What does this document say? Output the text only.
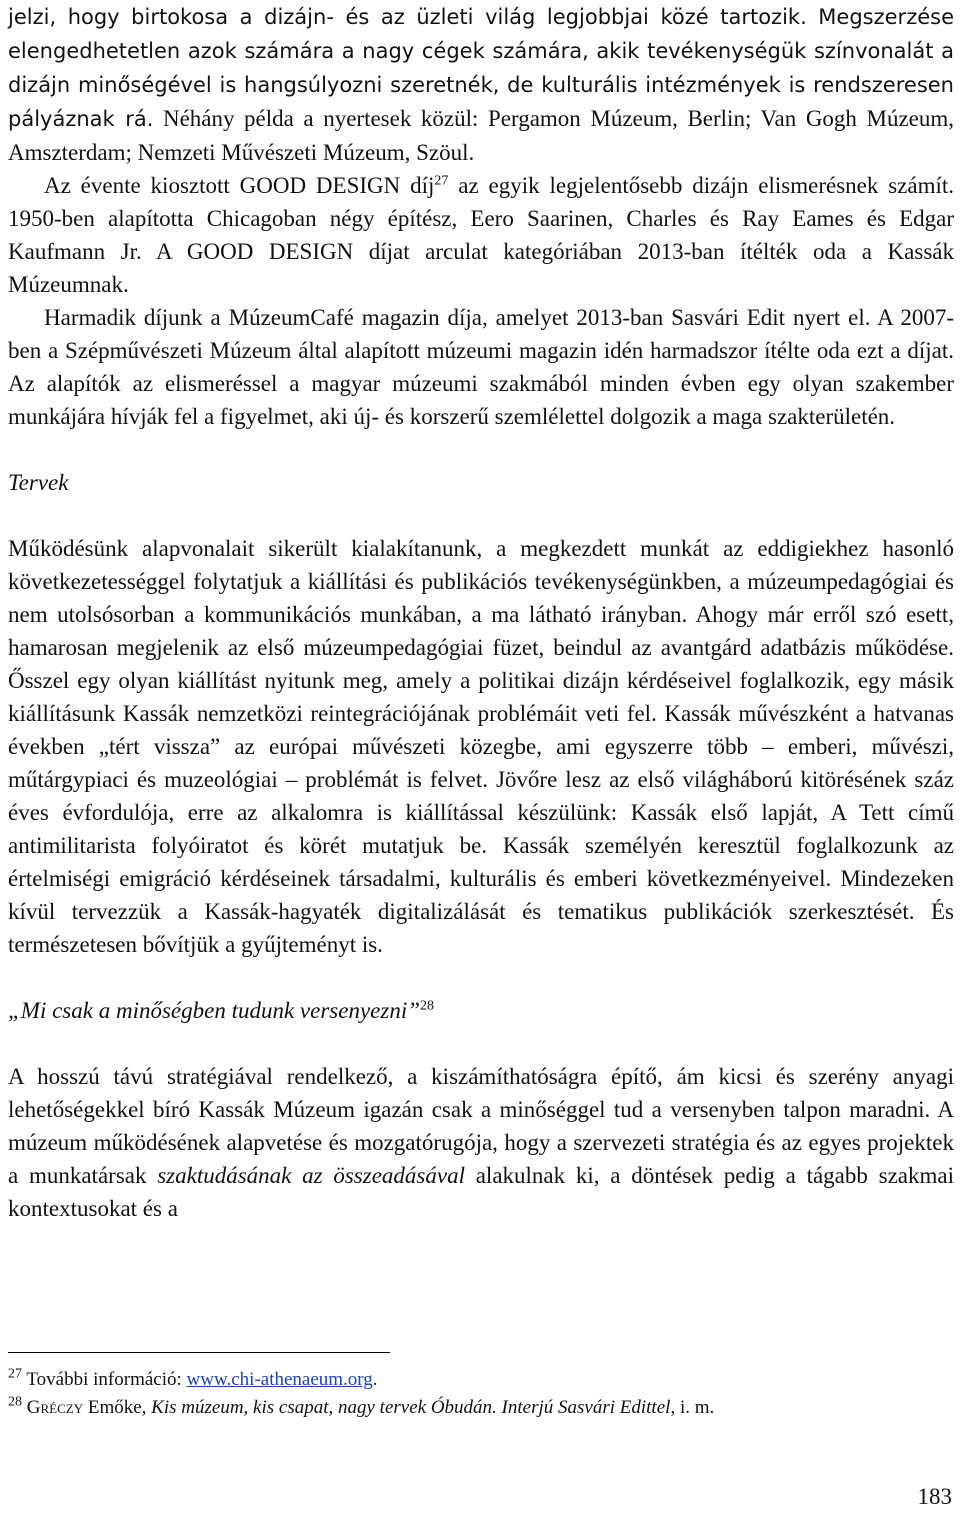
jelzi, hogy birtokosa a dizájn- és az üzleti világ legjobbjai közé tartozik. Megszerzése elengedhetetlen azok számára a nagy cégek számára, akik tevékenységük színvonalát a dizájn minőségével is hangsúlyozni szeretnék, de kulturális intézmények is rendszeresen pályáznak rá. Néhány példa a nyertesek közül: Pergamon Múzeum, Berlin; Van Gogh Múzeum, Amszterdam; Nemzeti Művészeti Múzeum, Szöul.

Az évente kiosztott GOOD DESIGN díj$^{27}$ az egyik legjelentősebb dizájn elismerésnek számít. 1950-ben alapította Chicagoban négy építész, Eero Saarinen, Charles és Ray Eames és Edgar Kaufmann Jr. A GOOD DESIGN díjat arculat kategóriában 2013-ban ítélték oda a Kassák Múzeumnak.

Harmadik díjunk a MúzeumCafé magazin díja, amelyet 2013-ban Sasvári Edit nyert el. A 2007-ben a Szépművészeti Múzeum által alapított múzeumi magazin idén harmadszor ítélte oda ezt a díjat. Az alapítók az elismeréssel a magyar múzeumi szakmából minden évben egy olyan szakember munkájára hívják fel a figyelmet, aki új- és korszerű szemlélettel dolgozik a maga szakterületén.

Tervek

Működésünk alapvonalait sikerült kialakítanunk, a megkezdett munkát az eddigiekhez hasonló következetességgel folytatjuk a kiállítási és publikációs tevékenységünkben, a múzeumpedagógiai és nem utolsósorban a kommunikációs munkában, a ma látható irányban. Ahogy már erről szó esett, hamarosan megjelenik az első múzeumpedagógiai füzet, beindul az avantgárd adatbázis működése. Ősszel egy olyan kiállítást nyitunk meg, amely a politikai dizájn kérdéseivel foglalkozik, egy másik kiállításunk Kassák nemzetközi reintegrációjának problémáit veti fel. Kassák művészként a hatvanas években „tért vissza” az európai művészeti közegbe, ami egyszerre több – emberi, művészi, műtárgypiaci és muzeológiai – problémát is felvet. Jövőre lesz az első világháború kitörésének száz éves évfordulója, erre az alkalomra is kiállítással készülünk: Kassák első lapját, A Tett című antimilitarista folyóiratot és körét mutatjuk be. Kassák személyén keresztül foglalkozunk az értelmiségi emigráció kérdéseinek társadalmi, kulturális és emberi következményeivel. Mindezeken kívül tervezzük a Kassák-hagyaték digitalizálását és tematikus publikációk szerkesztését. És természetesen bővítjük a gyűjteményt is.

„Mi csak a minőségben tudunk versenyezni”$^{28}$

A hosszú távú stratégiával rendelkező, a kiszámíthatóságra építő, ám kicsi és szerény anyagi lehetőségekkel bíró Kassák Múzeum igazán csak a minőséggel tud a versenyben talpon maradni. A múzeum működésének alapvetése és mozgatórugója, hogy a szervezeti stratégia és az egyes projektek a munkatársak szaktudásának az összeadásával alakulnak ki, a döntések pedig a tágabb szakmai kontextusokat és a

$^{27}$ További információ: www.chi-athenaeum.org.
$^{28}$ Gréczy Emőke, Kis múzeum, kis csapat, nagy tervek Óbudán. Interjú Sasvári Edittel, i. m.
183
